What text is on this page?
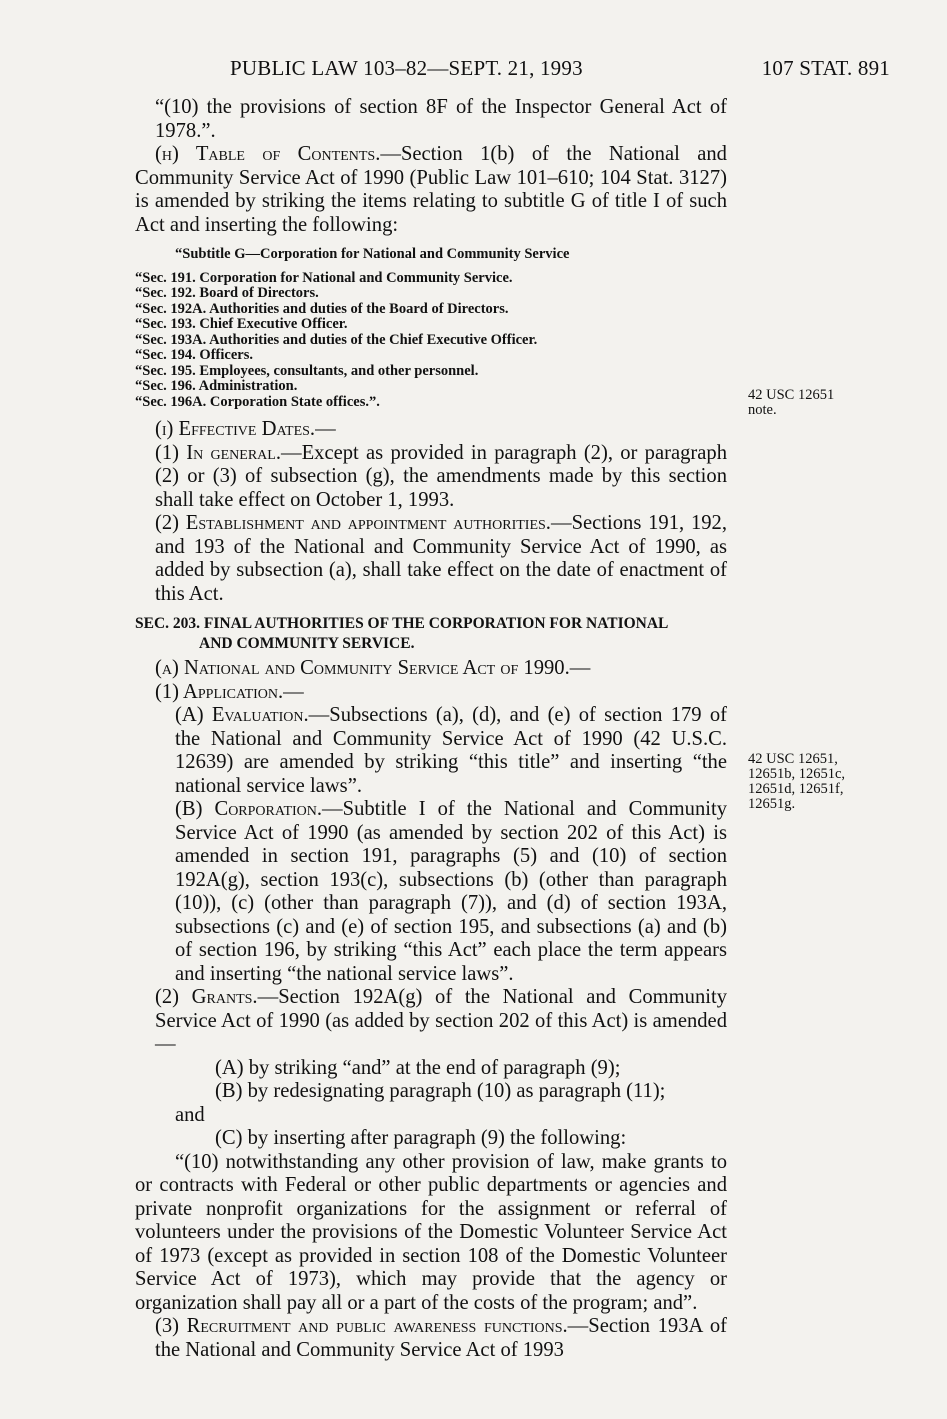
PUBLIC LAW 103–82—SEPT. 21, 1993	107 STAT. 891

“(10) the provisions of section 8F of the Inspector General Act of 1978.”.

(h) Table of Contents.—Section 1(b) of the National and Community Service Act of 1990 (Public Law 101–610; 104 Stat. 3127) is amended by striking the items relating to subtitle G of title I of such Act and inserting the following:

“Subtitle G—Corporation for National and Community Service
“Sec. 191. Corporation for National and Community Service.
“Sec. 192. Board of Directors.
“Sec. 192A. Authorities and duties of the Board of Directors.
“Sec. 193. Chief Executive Officer.
“Sec. 193A. Authorities and duties of the Chief Executive Officer.
“Sec. 194. Officers.
“Sec. 195. Employees, consultants, and other personnel.
“Sec. 196. Administration.
“Sec. 196A. Corporation State offices.”.

(i) Effective Dates.—

(1) In general.—Except as provided in paragraph (2), or paragraph (2) or (3) of subsection (g), the amendments made by this section shall take effect on October 1, 1993.

(2) Establishment and appointment authorities.—Sections 191, 192, and 193 of the National and Community Service Act of 1990, as added by subsection (a), shall take effect on the date of enactment of this Act.

SEC. 203. FINAL AUTHORITIES OF THE CORPORATION FOR NATIONAL
AND COMMUNITY SERVICE.

(a) National and Community Service Act of 1990.—

(1) Application.—

(A) Evaluation.—Subsections (a), (d), and (e) of section 179 of the National and Community Service Act of 1990 (42 U.S.C. 12639) are amended by striking “this title” and inserting “the national service laws”.

(B) Corporation.—Subtitle I of the National and Community Service Act of 1990 (as amended by section 202 of this Act) is amended in section 191, paragraphs (5) and (10) of section 192A(g), section 193(c), subsections (b) (other than paragraph (10)), (c) (other than paragraph (7)), and (d) of section 193A, subsections (c) and (e) of section 195, and subsections (a) and (b) of section 196, by striking “this Act” each place the term appears and inserting “the national service laws”.

(2) Grants.—Section 192A(g) of the National and Community Service Act of 1990 (as added by section 202 of this Act) is amended—

(A) by striking “and” at the end of paragraph (9);

(B) by redesignating paragraph (10) as paragraph (11);

and

(C) by inserting after paragraph (9) the following:

“(10) notwithstanding any other provision of law, make grants to or contracts with Federal or other public departments or agencies and private nonprofit organizations for the assignment or referral of volunteers under the provisions of the Domestic Volunteer Service Act of 1973 (except as provided in section 108 of the Domestic Volunteer Service Act of 1973), which may provide that the agency or organization shall pay all or a part of the costs of the program; and”.

(3) Recruitment and public awareness functions.—Section 193A of the National and Community Service Act of 1993

42 USC 12651
note.
42 USC 12651,
12651b, 12651c,
12651d, 12651f,
12651g.
